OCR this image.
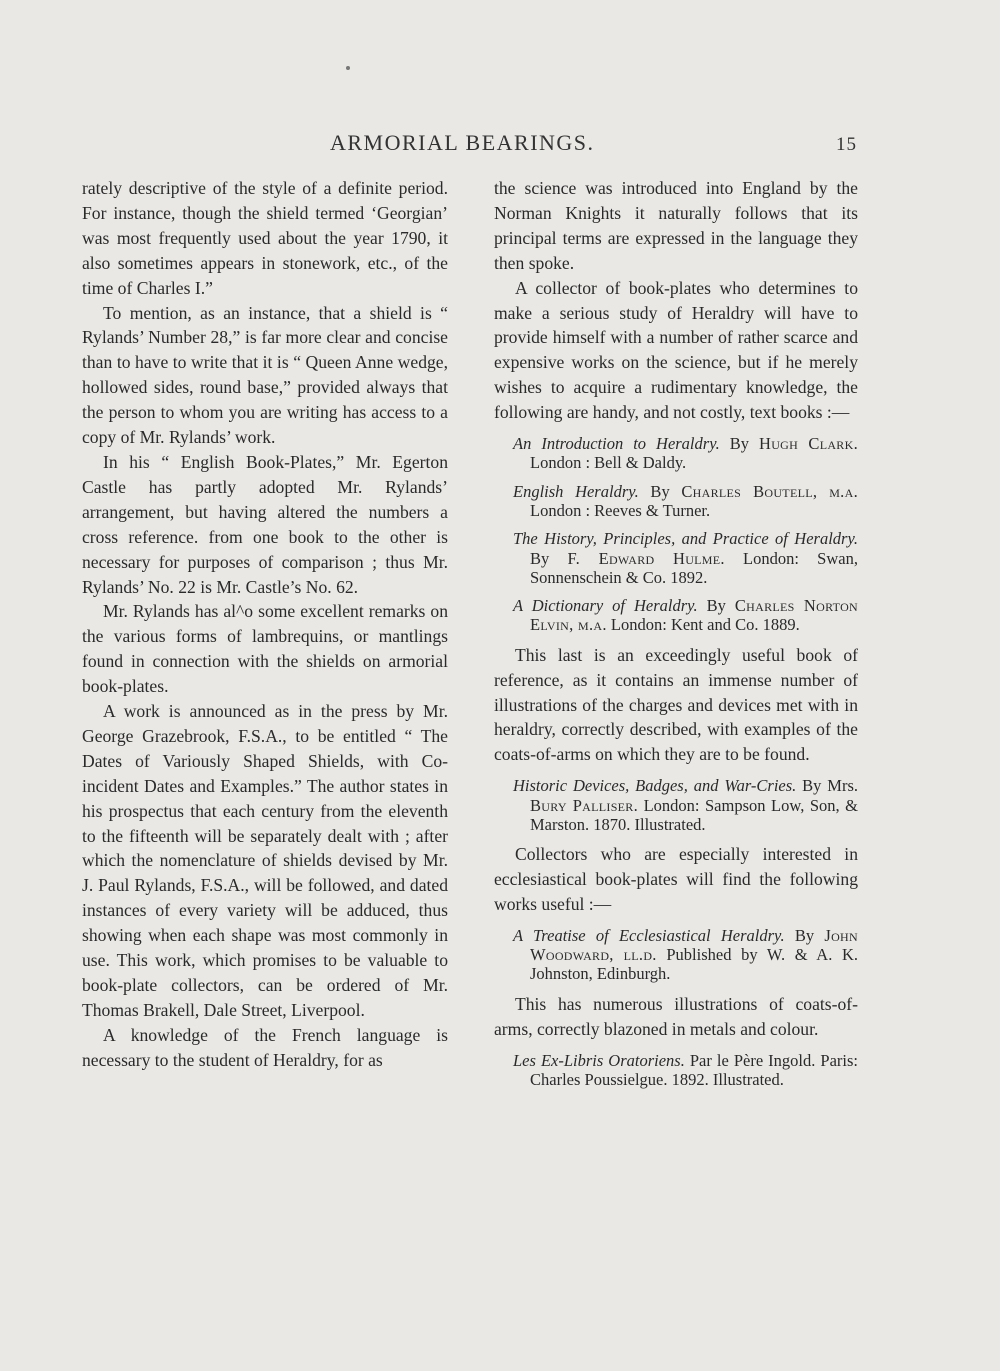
ARMORIAL BEARINGS.	15

rately descriptive of the style of a definite period. For instance, though the shield termed ‘Georgian’ was most frequently used about the year 1790, it also sometimes appears in stonework, etc., of the time of Charles I.”

To mention, as an instance, that a shield is “ Rylands’ Number 28,” is far more clear and concise than to have to write that it is “ Queen Anne wedge, hollowed sides, round base,” provided always that the person to whom you are writing has access to a copy of Mr. Rylands’ work.

In his “ English Book-Plates,” Mr. Egerton Castle has partly adopted Mr. Rylands’ arrangement, but having altered the numbers a cross reference. from one book to the other is necessary for purposes of comparison ; thus Mr. Rylands’ No. 22 is Mr. Castle’s No. 62.

Mr. Rylands has al^o some excellent remarks on the various forms of lambrequins, or mantlings found in connection with the shields on armorial book-plates.

A work is announced as in the press by Mr. George Grazebrook, F.S.A., to be entitled “ The Dates of Variously Shaped Shields, with Co-incident Dates and Examples.” The author states in his prospectus that each century from the eleventh to the fifteenth will be separately dealt with ; after which the nomenclature of shields devised by Mr. J. Paul Rylands, F.S.A., will be followed, and dated instances of every variety will be adduced, thus showing when each shape was most commonly in use. This work, which promises to be valuable to book-plate collectors, can be ordered of Mr. Thomas Brakell, Dale Street, Liverpool.

A knowledge of the French language is necessary to the student of Heraldry, for as

the science was introduced into England by the Norman Knights it naturally follows that its principal terms are expressed in the language they then spoke.

A collector of book-plates who determines to make a serious study of Heraldry will have to provide himself with a number of rather scarce and expensive works on the science, but if he merely wishes to acquire a rudimentary knowledge, the following are handy, and not costly, text books :—

An Introduction to Heraldry. By Hugh Clark. London : Bell & Daldy.
English Heraldry. By Charles Boutell, m.a. London : Reeves & Turner.
The History, Principles, and Practice of Heraldry. By F. Edward Hulme. London: Swan, Sonnenschein & Co. 1892.
A Dictionary of Heraldry. By Charles Norton Elvin, m.a. London: Kent and Co. 1889.

This last is an exceedingly useful book of reference, as it contains an immense number of illustrations of the charges and devices met with in heraldry, correctly described, with examples of the coats-of-arms on which they are to be found.

Historic Devices, Badges, and War-Cries. By Mrs. Bury Palliser. London: Sampson Low, Son, & Marston. 1870. Illustrated.

Collectors who are especially interested in ecclesiastical book-plates will find the following works useful :—

A Treatise of Ecclesiastical Heraldry. By John Woodward, ll.d. Published by W. & A. K. Johnston, Edinburgh.

This has numerous illustrations of coats-of-arms, correctly blazoned in metals and colour.

Les Ex-Libris Oratoriens. Par le Père Ingold. Paris: Charles Poussielgue. 1892. Illustrated.
